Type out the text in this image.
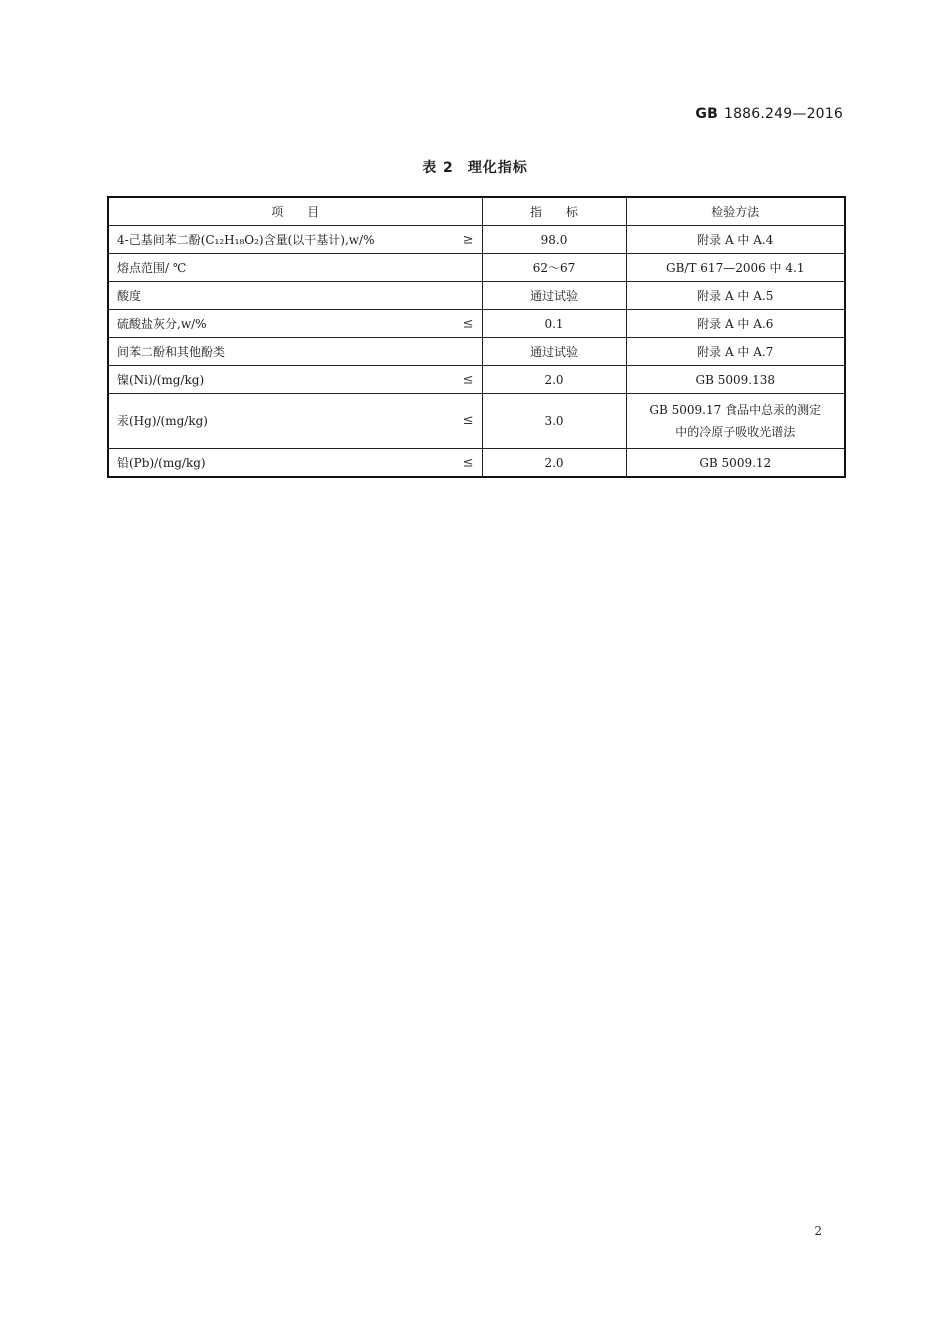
GB 1886.249—2016
表 2 理化指标
项　　目	指　　标	检验方法
4-己基间苯二酚(C₁₂H₁₈O₂)含量(以干基计),w/% ≥	98.0	附录 A 中 A.4
熔点范围/ ℃	62～67	GB/T 617—2006 中 4.1
酸度	通过试验	附录 A 中 A.5
硫酸盐灰分,w/% ≤	0.1	附录 A 中 A.6
间苯二酚和其他酚类	通过试验	附录 A 中 A.7
镍(Ni)/(mg/kg) ≤	2.0	GB 5009.138
汞(Hg)/(mg/kg) ≤	3.0	GB 5009.17 食品中总汞的测定
中的冷原子吸收光谱法

铅(Pb)/(mg/kg) ≤	2.0	GB 5009.12
2
